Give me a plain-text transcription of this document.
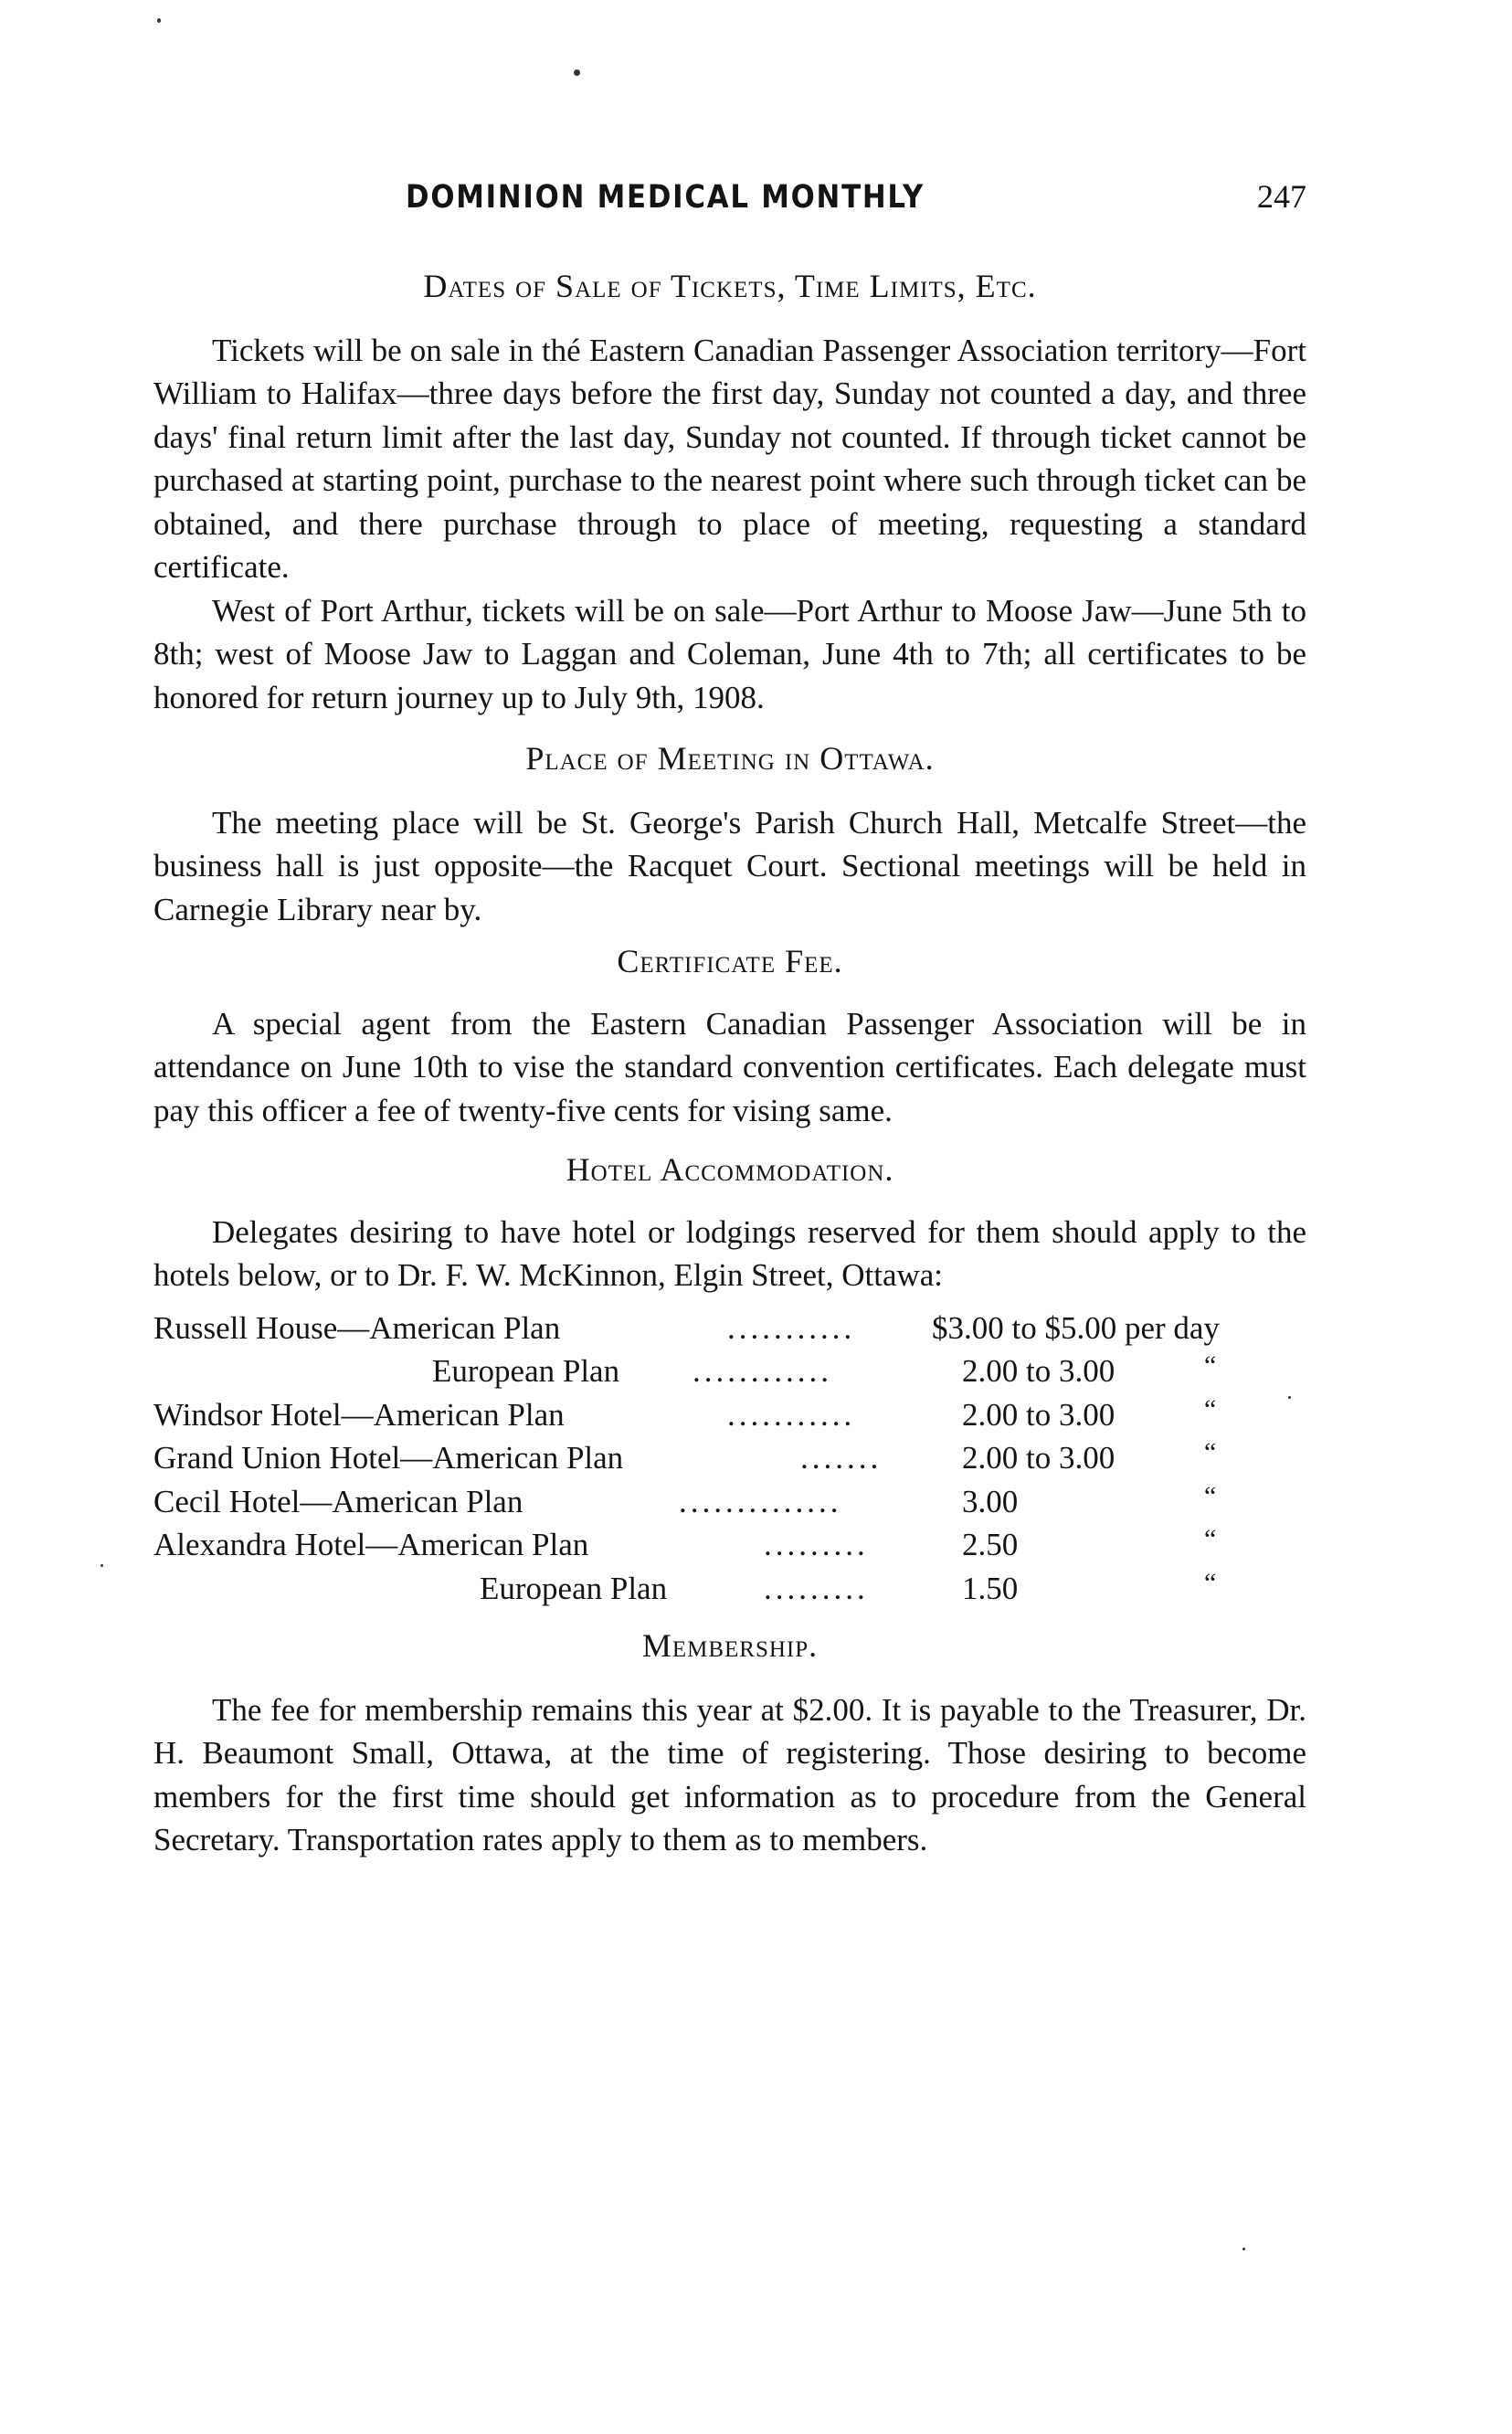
DOMINION MEDICAL MONTHLY	247
Dates of Sale of Tickets, Time Limits, Etc.

Tickets will be on sale in thé Eastern Canadian Passenger Association territory—Fort William to Halifax—three days before the first day, Sunday not counted a day, and three days' final return limit after the last day, Sunday not counted. If through ticket cannot be purchased at starting point, purchase to the nearest point where such through ticket can be obtained, and there purchase through to place of meeting, requesting a standard certificate.

West of Port Arthur, tickets will be on sale—Port Arthur to Moose Jaw—June 5th to 8th; west of Moose Jaw to Laggan and Coleman, June 4th to 7th; all certificates to be honored for return journey up to July 9th, 1908.

Place of Meeting in Ottawa.

The meeting place will be St. George's Parish Church Hall, Metcalfe Street—the business hall is just opposite—the Racquet Court. Sectional meetings will be held in Carnegie Library near by.

Certificate Fee.

A special agent from the Eastern Canadian Passenger Association will be in attendance on June 10th to vise the standard convention certificates. Each delegate must pay this officer a fee of twenty-five cents for vising same.

Hotel Accommodation.

Delegates desiring to have hotel or lodgings reserved for them should apply to the hotels below, or to Dr. F. W. McKinnon, Elgin Street, Ottawa:

Russell House—American Plan	...........	$3.00 to $5.00 per day
European Plan ............	2.00 to 3.00	“
Windsor Hotel—American Plan	...........	2.00 to 3.00	“
Grand Union Hotel—American Plan	.......	2.00 to 3.00	“
Cecil Hotel—American Plan	..............	3.00	“
Alexandra Hotel—American Plan	.........	2.50	“
European Plan	.........	1.50	“
Membership.

The fee for membership remains this year at $2.00. It is payable to the Treasurer, Dr. H. Beaumont Small, Ottawa, at the time of registering. Those desiring to become members for the first time should get information as to procedure from the General Secretary. Transportation rates apply to them as to members.
